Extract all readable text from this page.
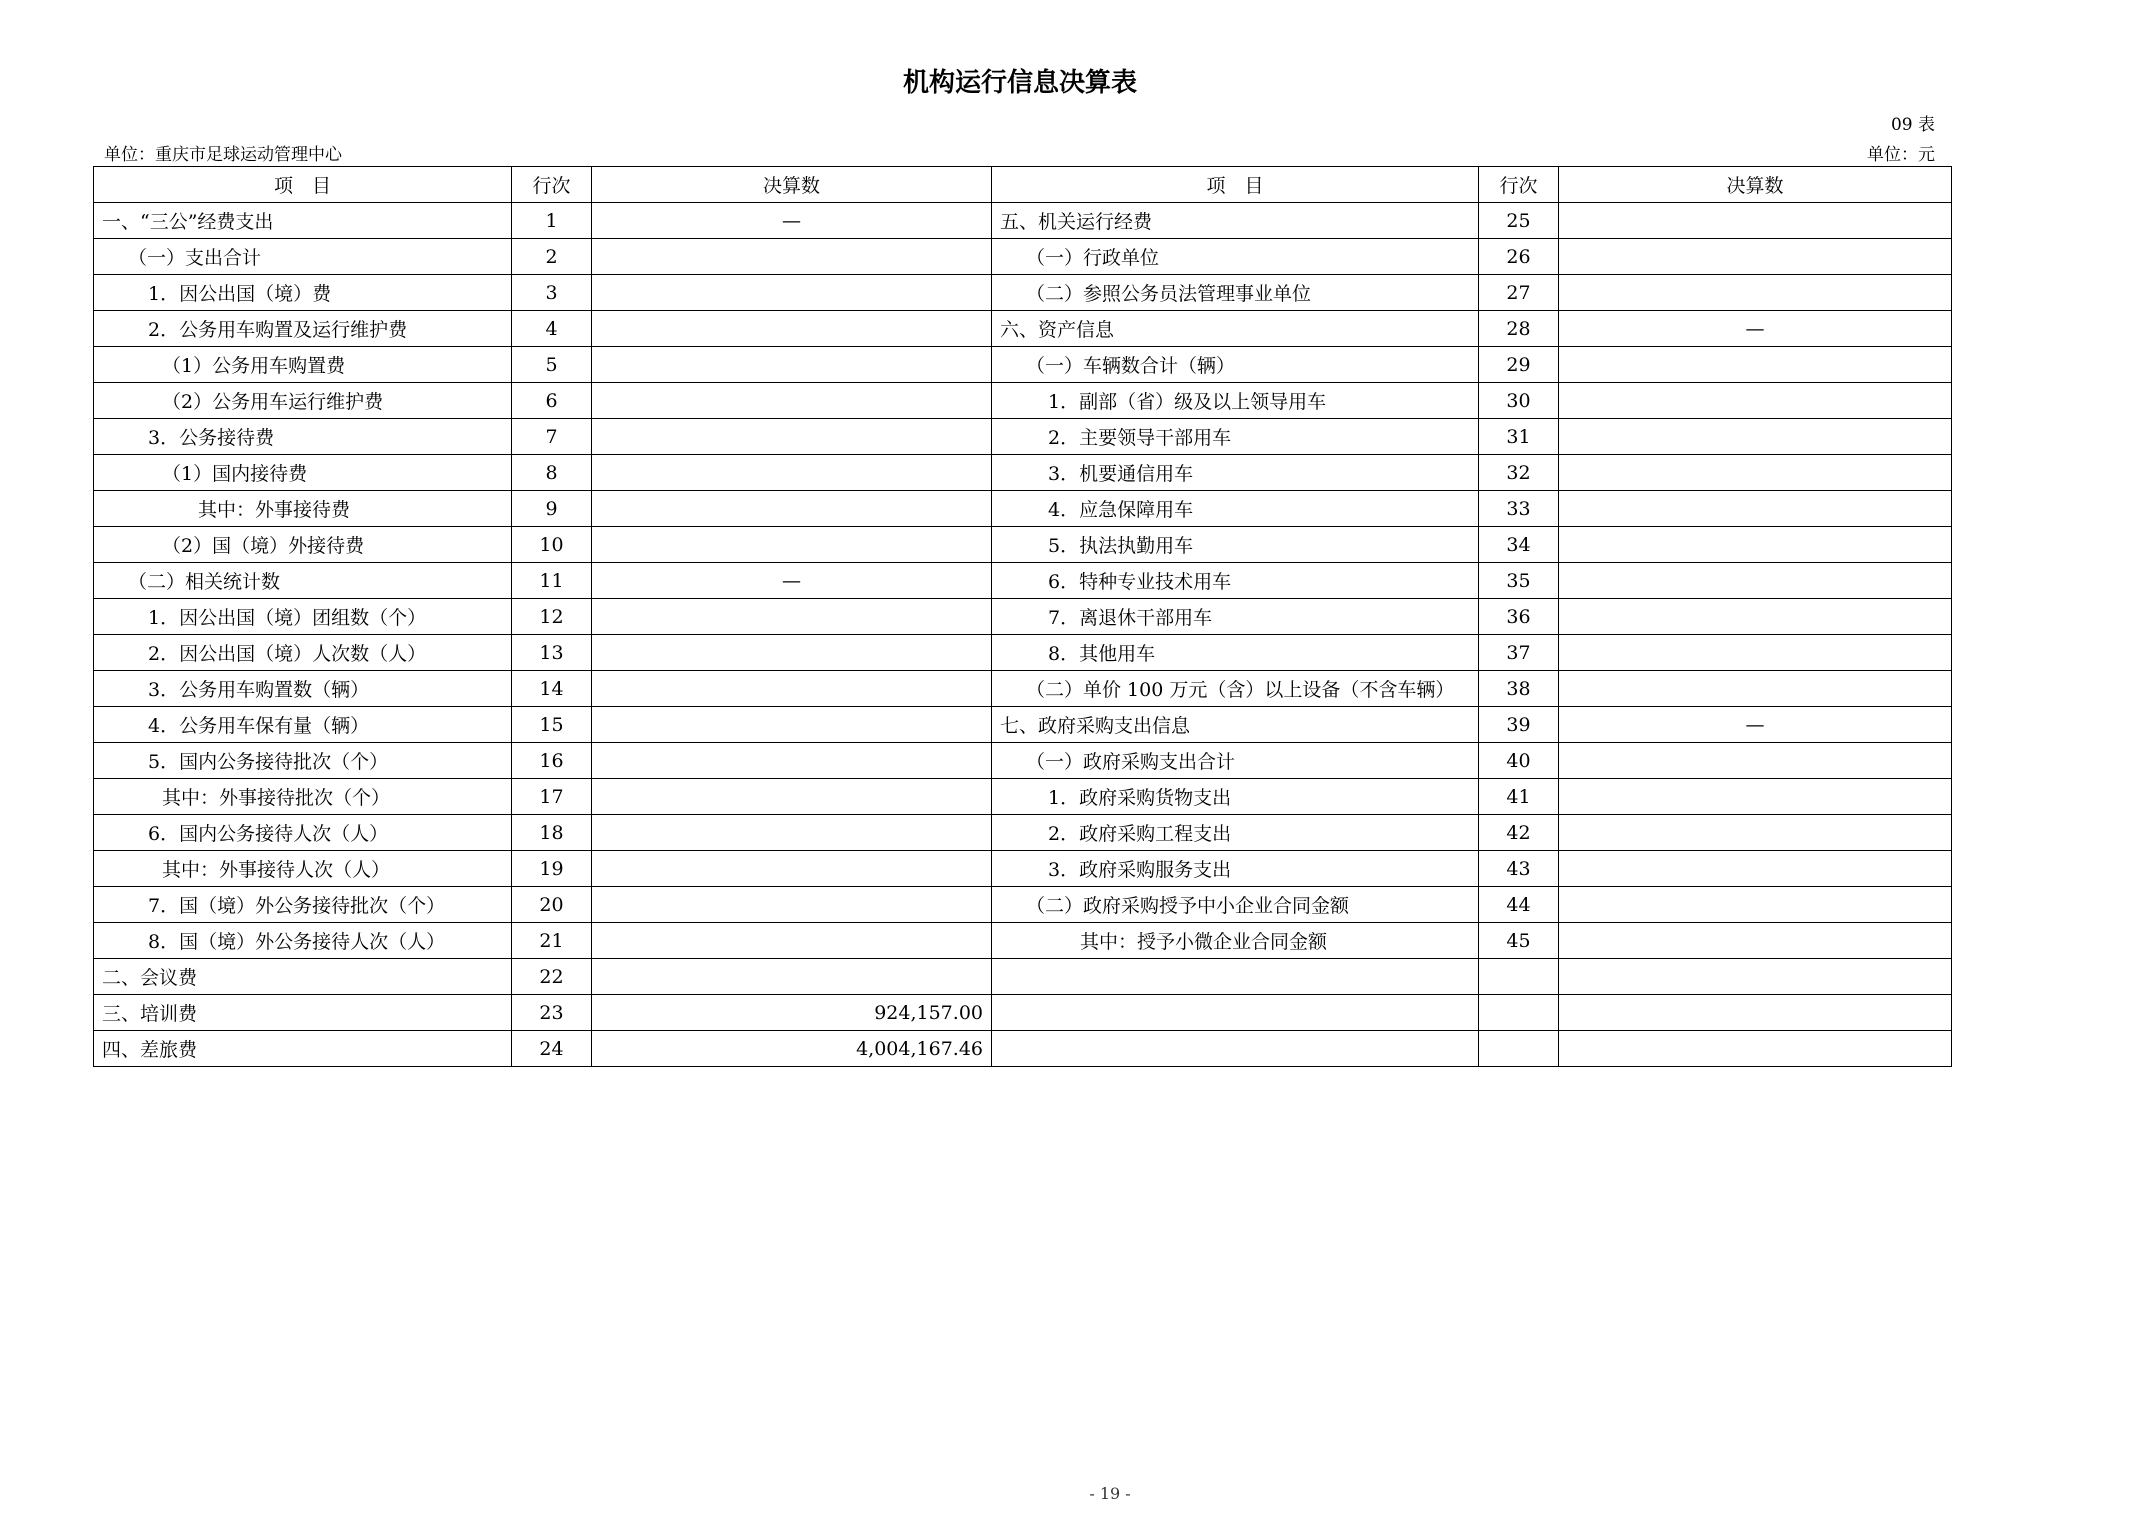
机构运行信息决算表
09 表
单位：重庆市足球运动管理中心	单位：元
项　目	行次	决算数	项　目	行次	决算数
一、“三公”经费支出	1	—	五、机关运行经费	25	
（一）支出合计	2		（一）行政单位	26	
1．因公出国（境）费	3		（二）参照公务员法管理事业单位	27	
2．公务用车购置及运行维护费	4		六、资产信息	28	—
（1）公务用车购置费	5		（一）车辆数合计（辆）	29	
（2）公务用车运行维护费	6		1．副部（省）级及以上领导用车	30	
3．公务接待费	7		2．主要领导干部用车	31	
（1）国内接待费	8		3．机要通信用车	32	
其中：外事接待费	9		4．应急保障用车	33	
（2）国（境）外接待费	10		5．执法执勤用车	34	
（二）相关统计数	11	—	6．特种专业技术用车	35	
1．因公出国（境）团组数（个）	12		7．离退休干部用车	36	
2．因公出国（境）人次数（人）	13		8．其他用车	37	
3．公务用车购置数（辆）	14		（二）单价 100 万元（含）以上设备（不含车辆）	38	
4．公务用车保有量（辆）	15		七、政府采购支出信息	39	—
5．国内公务接待批次（个）	16		（一）政府采购支出合计	40	
其中：外事接待批次（个）	17		1．政府采购货物支出	41	
6．国内公务接待人次（人）	18		2．政府采购工程支出	42	
其中：外事接待人次（人）	19		3．政府采购服务支出	43	
7．国（境）外公务接待批次（个）	20		（二）政府采购授予中小企业合同金额	44	
8．国（境）外公务接待人次（人）	21		其中：授予小微企业合同金额	45	
二、会议费	22				
三、培训费	23	924,157.00			
四、差旅费	24	4,004,167.46			
- 19 -
